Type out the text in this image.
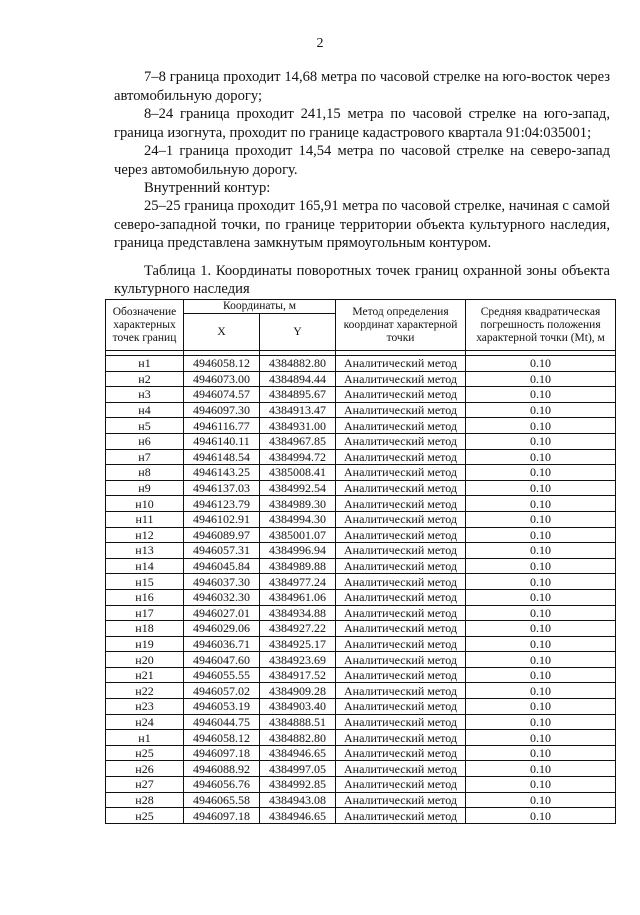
2

7–8 граница проходит 14,68 метра по часовой стрелке на юго-восток через автомобильную дорогу;

8–24 граница проходит 241,15 метра по часовой стрелке на юго-запад, граница изогнута, проходит по границе кадастрового квартала 91:04:035001;

24–1 граница проходит 14,54 метра по часовой стрелке на северо-запад через автомобильную дорогу.

Внутренний контур:

25–25 граница проходит 165,91 метра по часовой стрелке, начиная с самой северо-западной точки, по границе территории объекта культурного наследия, граница представлена замкнутым прямоугольным контуром.

Таблица 1. Координаты поворотных точек границ охранной зоны объекта культурного наследия

Обозначение характерных точек границ	Координаты, м		Метод определения координат характерной точки	Средняя квадратическая погрешность положения характерной точки (Mt), м
	X	Y		

н1	4946058.12	4384882.80	Аналитический метод	0.10
н2	4946073.00	4384894.44	Аналитический метод	0.10
н3	4946074.57	4384895.67	Аналитический метод	0.10
н4	4946097.30	4384913.47	Аналитический метод	0.10
н5	4946116.77	4384931.00	Аналитический метод	0.10
н6	4946140.11	4384967.85	Аналитический метод	0.10
н7	4946148.54	4384994.72	Аналитический метод	0.10
н8	4946143.25	4385008.41	Аналитический метод	0.10
н9	4946137.03	4384992.54	Аналитический метод	0.10
н10	4946123.79	4384989.30	Аналитический метод	0.10
н11	4946102.91	4384994.30	Аналитический метод	0.10
н12	4946089.97	4385001.07	Аналитический метод	0.10
н13	4946057.31	4384996.94	Аналитический метод	0.10
н14	4946045.84	4384989.88	Аналитический метод	0.10
н15	4946037.30	4384977.24	Аналитический метод	0.10
н16	4946032.30	4384961.06	Аналитический метод	0.10
н17	4946027.01	4384934.88	Аналитический метод	0.10
н18	4946029.06	4384927.22	Аналитический метод	0.10
н19	4946036.71	4384925.17	Аналитический метод	0.10
н20	4946047.60	4384923.69	Аналитический метод	0.10
н21	4946055.55	4384917.52	Аналитический метод	0.10
н22	4946057.02	4384909.28	Аналитический метод	0.10
н23	4946053.19	4384903.40	Аналитический метод	0.10
н24	4946044.75	4384888.51	Аналитический метод	0.10
н1	4946058.12	4384882.80	Аналитический метод	0.10
н25	4946097.18	4384946.65	Аналитический метод	0.10
н26	4946088.92	4384997.05	Аналитический метод	0.10
н27	4946056.76	4384992.85	Аналитический метод	0.10
н28	4946065.58	4384943.08	Аналитический метод	0.10
н25	4946097.18	4384946.65	Аналитический метод	0.10
